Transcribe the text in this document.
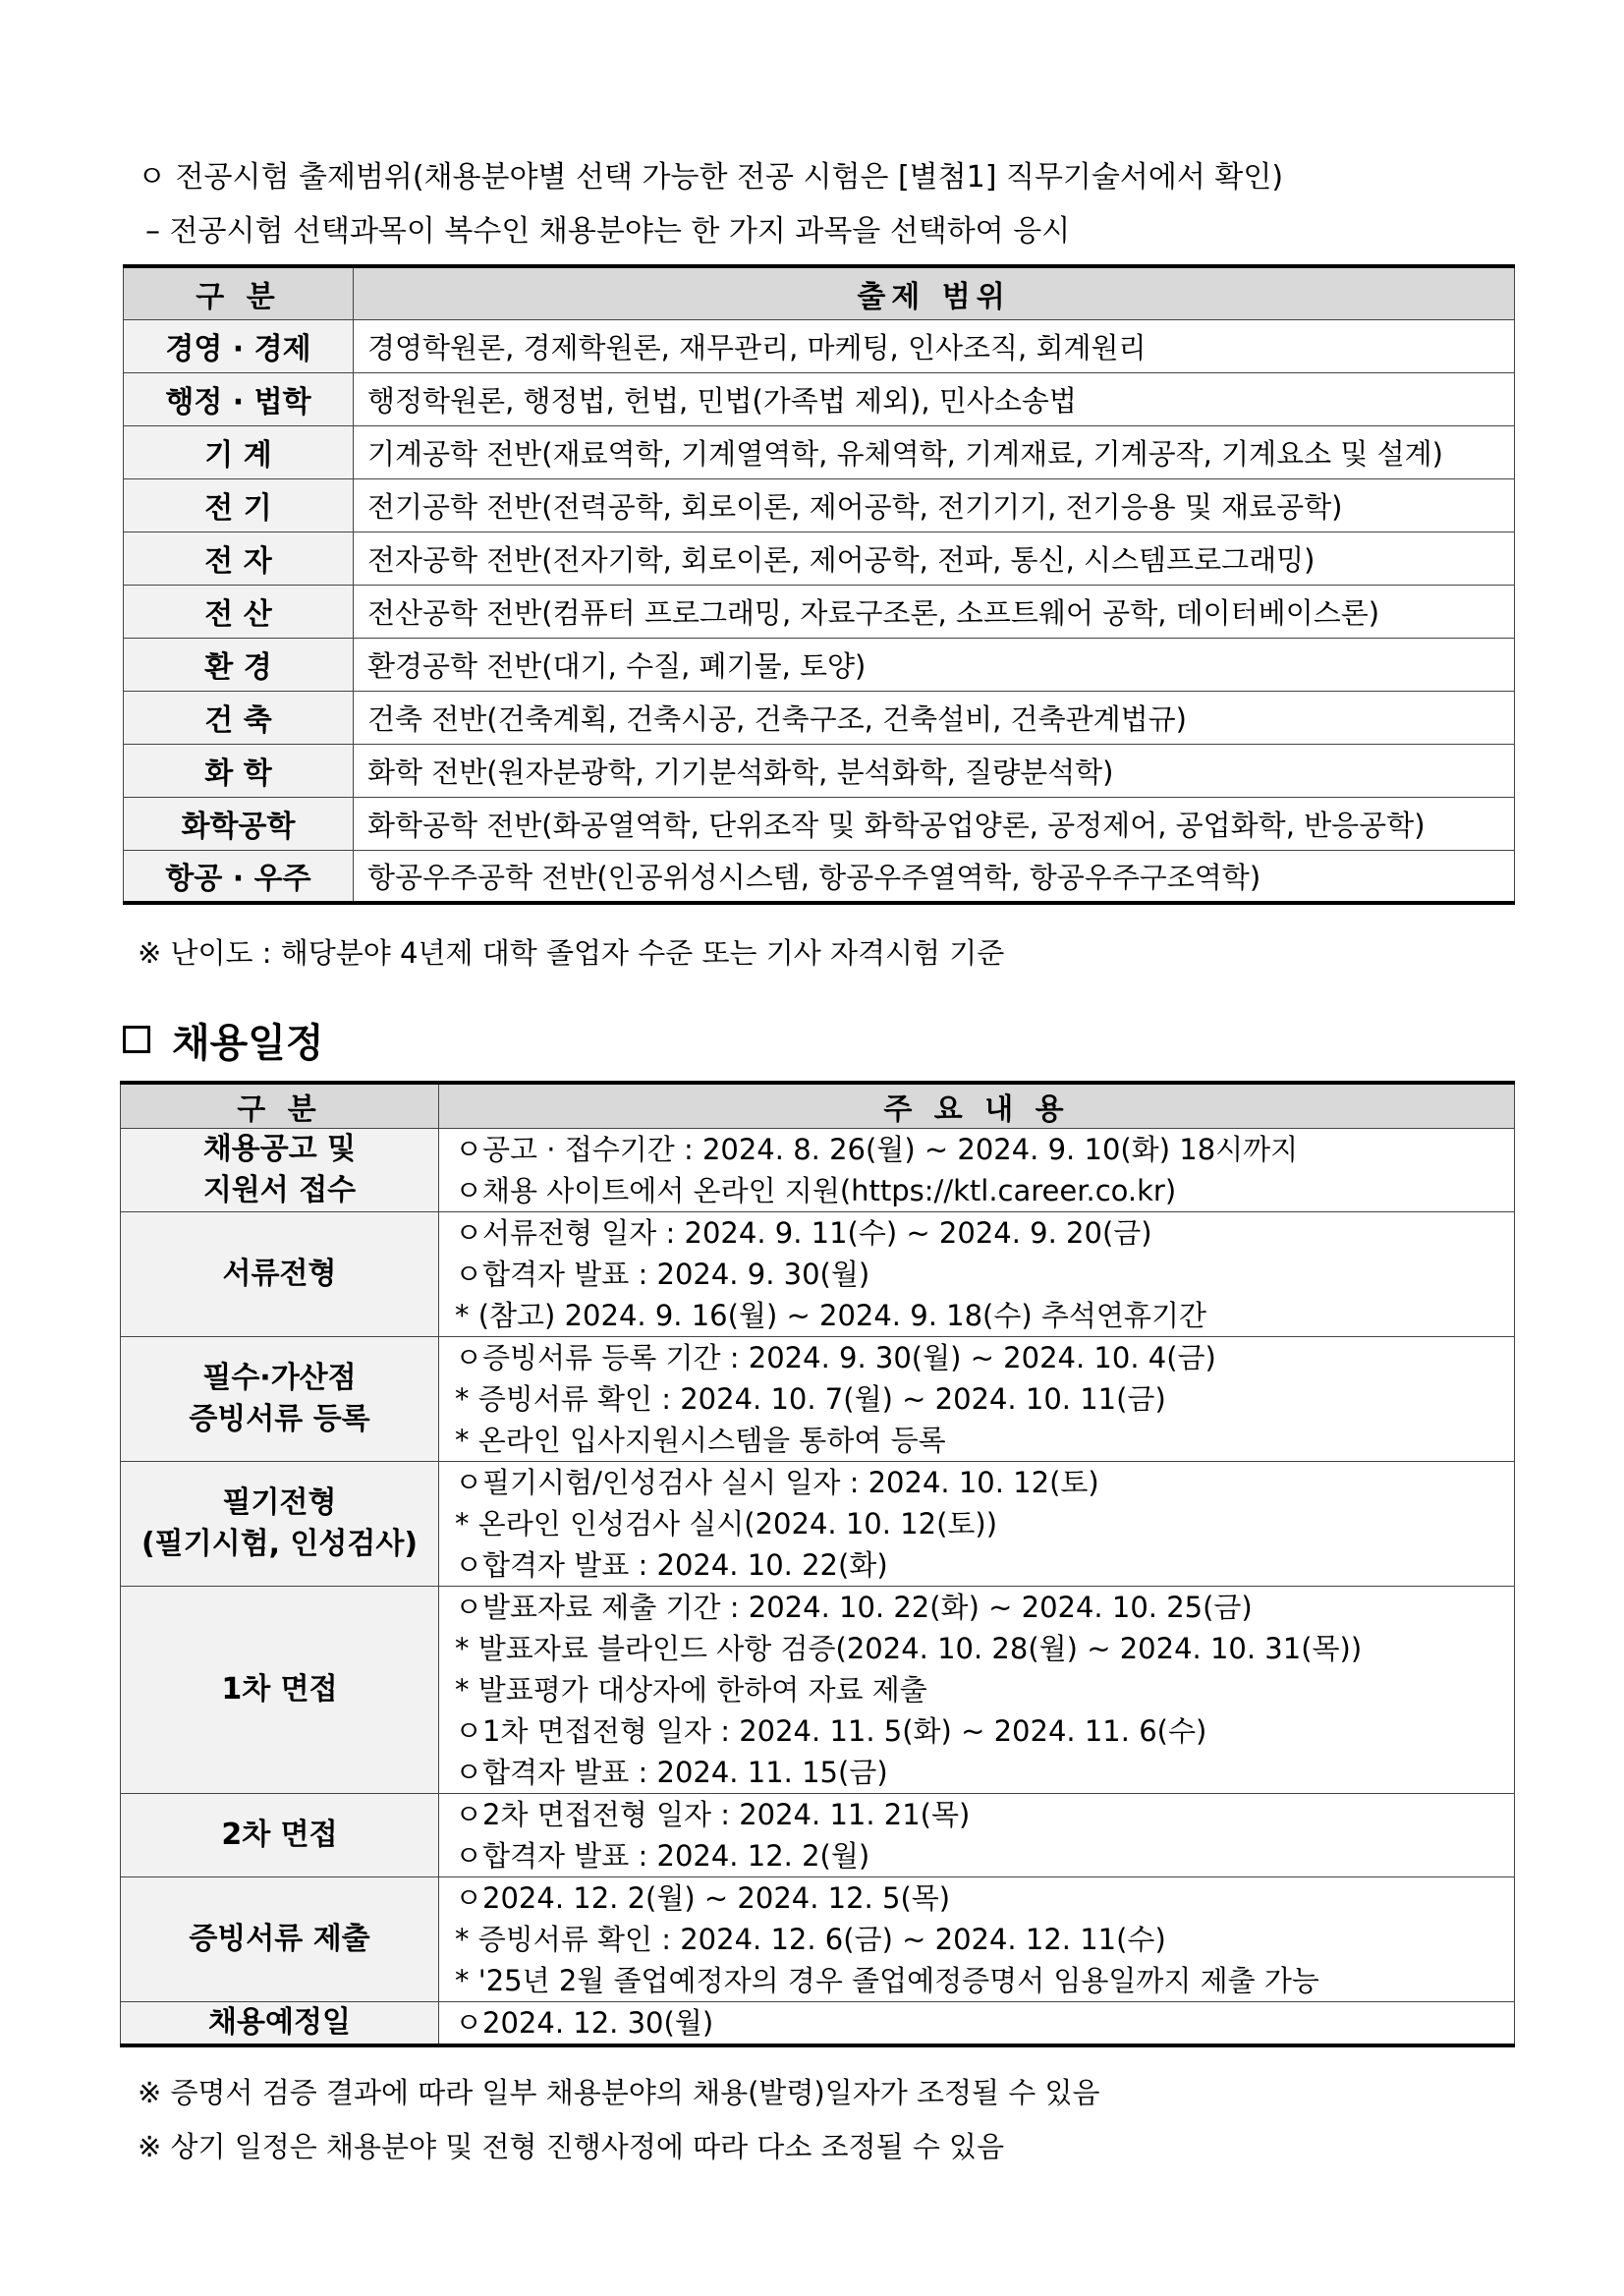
ㅇ 전공시험 출제범위(채용분야별 선택 가능한 전공 시험은 [별첨1] 직무기술서에서 확인)
– 전공시험 선택과목이 복수인 채용분야는 한 가지 과목을 선택하여 응시
구 분	출제 범위
경영 · 경제	경영학원론, 경제학원론, 재무관리, 마케팅, 인사조직, 회계원리
행정 · 법학	행정학원론, 행정법, 헌법, 민법(가족법 제외), 민사소송법
기 계	기계공학 전반(재료역학, 기계열역학, 유체역학, 기계재료, 기계공작, 기계요소 및 설계)
전 기	전기공학 전반(전력공학, 회로이론, 제어공학, 전기기기, 전기응용 및 재료공학)
전 자	전자공학 전반(전자기학, 회로이론, 제어공학, 전파, 통신, 시스템프로그래밍)
전 산	전산공학 전반(컴퓨터 프로그래밍, 자료구조론, 소프트웨어 공학, 데이터베이스론)
환 경	환경공학 전반(대기, 수질, 폐기물, 토양)
건 축	건축 전반(건축계획, 건축시공, 건축구조, 건축설비, 건축관계법규)
화 학	화학 전반(원자분광학, 기기분석화학, 분석화학, 질량분석학)
화학공학	화학공학 전반(화공열역학, 단위조작 및 화학공업양론, 공정제어, 공업화학, 반응공학)
항공 · 우주	항공우주공학 전반(인공위성시스템, 항공우주열역학, 항공우주구조역학)
※ 난이도 : 해당분야 4년제 대학 졸업자 수준 또는 기사 자격시험 기준
채용일정
구 분	주 요 내 용

채용공고 및
지원서 접수	ㅇ공고 · 접수기간 : 2024. 8. 26(월) ~ 2024. 9. 10(화) 18시까지
ㅇ채용 사이트에서 온라인 지원(https://ktl.career.co.kr)

서류전형	ㅇ서류전형 일자 : 2024. 9. 11(수) ~ 2024. 9. 20(금)
ㅇ합격자 발표 : 2024. 9. 30(월)
* (참고) 2024. 9. 16(월) ~ 2024. 9. 18(수) 추석연휴기간

필수·가산점
증빙서류 등록	ㅇ증빙서류 등록 기간 : 2024. 9. 30(월) ~ 2024. 10. 4(금)
* 증빙서류 확인 : 2024. 10. 7(월) ~ 2024. 10. 11(금)
* 온라인 입사지원시스템을 통하여 등록

필기전형
(필기시험, 인성검사)	ㅇ필기시험/인성검사 실시 일자 : 2024. 10. 12(토)
* 온라인 인성검사 실시(2024. 10. 12(토))
ㅇ합격자 발표 : 2024. 10. 22(화)

1차 면접	ㅇ발표자료 제출 기간 : 2024. 10. 22(화) ~ 2024. 10. 25(금)
* 발표자료 블라인드 사항 검증(2024. 10. 28(월) ~ 2024. 10. 31(목))
* 발표평가 대상자에 한하여 자료 제출
ㅇ1차 면접전형 일자 : 2024. 11. 5(화) ~ 2024. 11. 6(수)
ㅇ합격자 발표 : 2024. 11. 15(금)

2차 면접	ㅇ2차 면접전형 일자 : 2024. 11. 21(목)
ㅇ합격자 발표 : 2024. 12. 2(월)

증빙서류 제출	ㅇ2024. 12. 2(월) ~ 2024. 12. 5(목)
* 증빙서류 확인 : 2024. 12. 6(금) ~ 2024. 12. 11(수)
* '25년 2월 졸업예정자의 경우 졸업예정증명서 임용일까지 제출 가능

채용예정일	ㅇ2024. 12. 30(월)
※ 증명서 검증 결과에 따라 일부 채용분야의 채용(발령)일자가 조정될 수 있음
※ 상기 일정은 채용분야 및 전형 진행사정에 따라 다소 조정될 수 있음
